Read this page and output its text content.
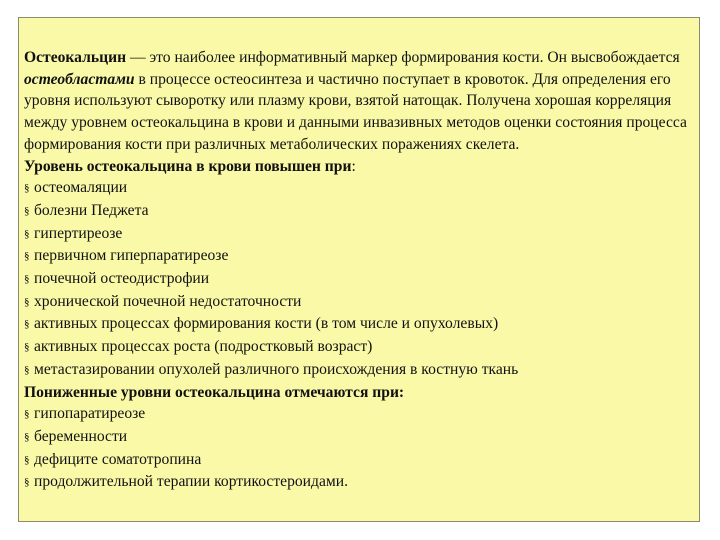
Остеокальцин — это наиболее информативный маркер формирования кости. Он высвобождается остеобластами в процессе остеосинтеза и частично поступает в кровоток. Для определения его уровня используют сыворотку или плазму крови, взятой натощак. Получена хорошая корреляция между уровнем остеокальцина в крови и данными инвазивных методов оценки состояния процесса формирования кости при различных метаболических поражениях скелета.

Уровень остеокальцина в крови повышен при:

§ остеомаляции

§ болезни Педжета

§ гипертиреозе

§ первичном гиперпаратиреозе

§ почечной остеодистрофии

§ хронической почечной недостаточности

§ активных процессах формирования кости (в том числе и опухолевых)

§ активных процессах роста (подростковый возраст)

§ метастазировании опухолей различного происхождения в костную ткань

Пониженные уровни остеокальцина отмечаются при:

§ гипопаратиреозе

§ беременности

§ дефиците соматотропина

§ продолжительной терапии кортикостероидами.
